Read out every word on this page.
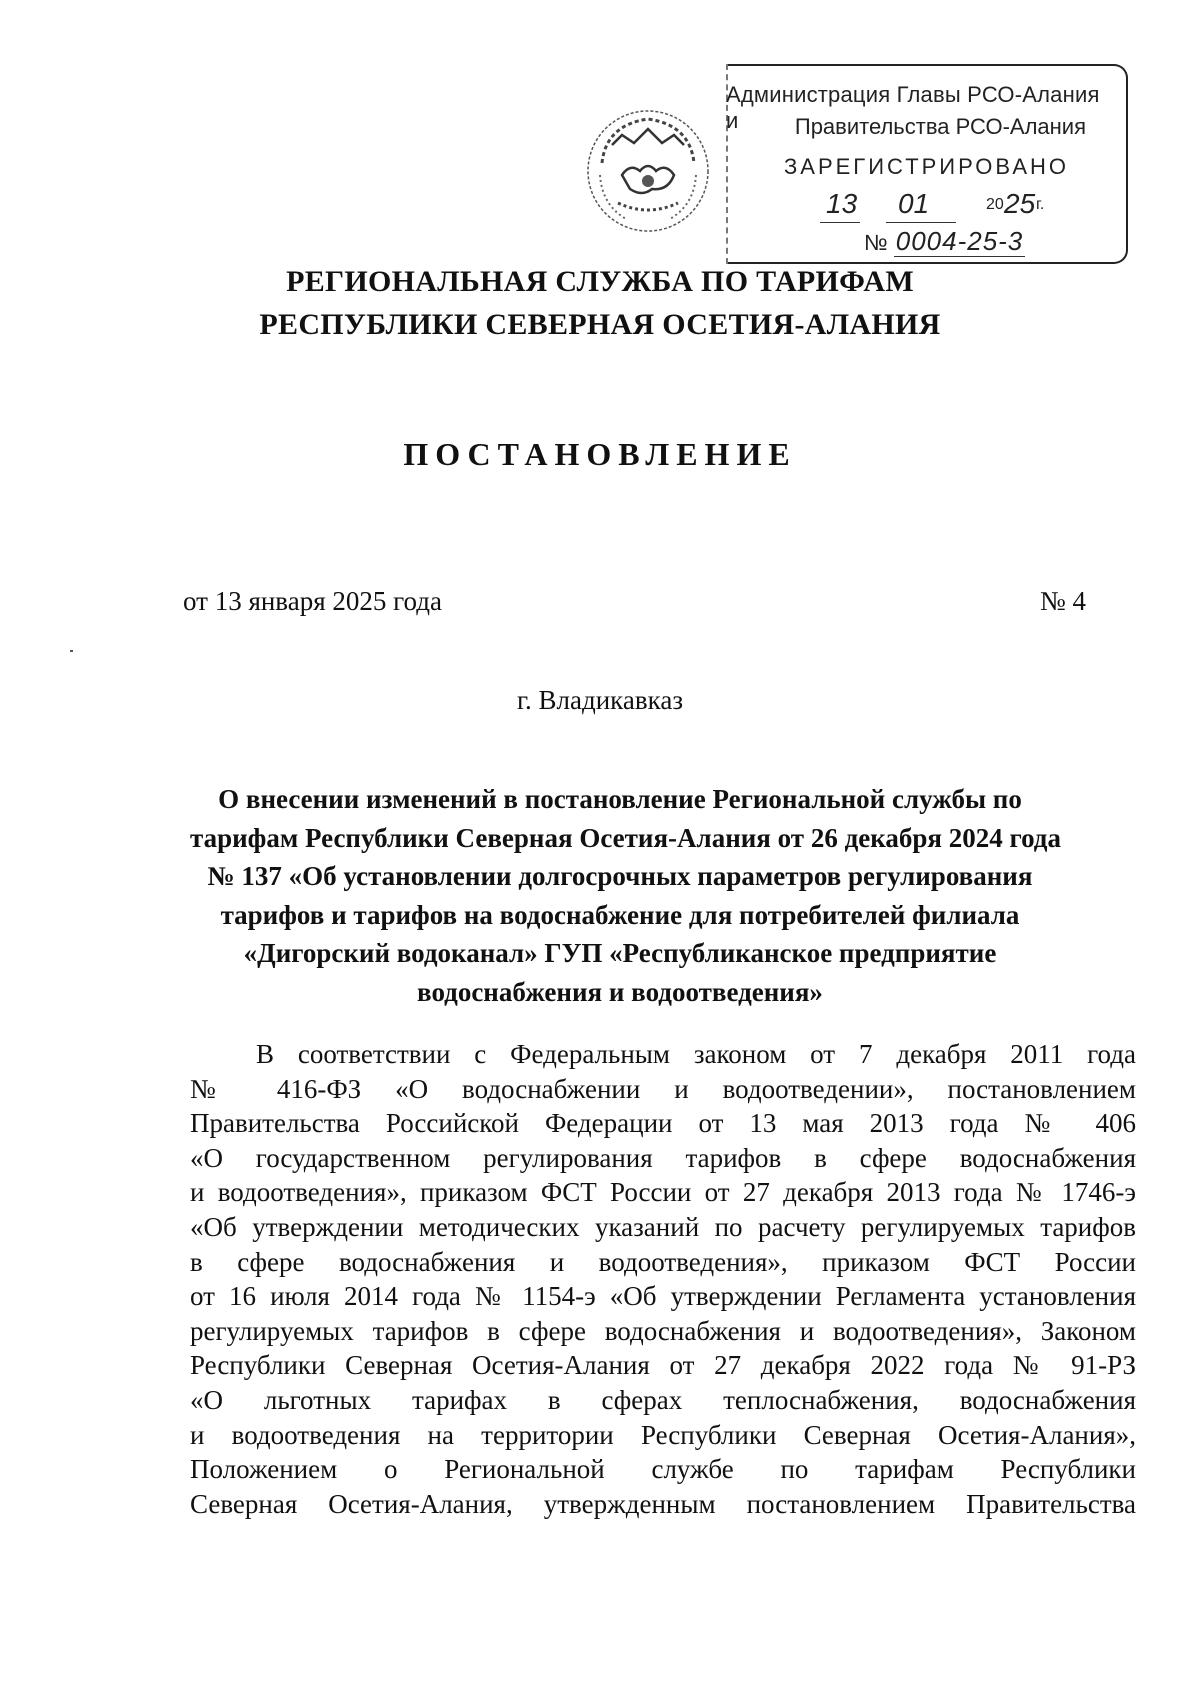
Администрация Главы РСО-Алания и	Правительства РСО-Алания
ЗАРЕГИСТРИРОВАНО
13 01	20 25 г.
№ 0004-25-3
РЕГИОНАЛЬНАЯ СЛУЖБА ПО ТАРИФАМ
РЕСПУБЛИКИ СЕВЕРНАЯ ОСЕТИЯ-АЛАНИЯ
ПОСТАНОВЛЕНИЕ
от 13 января 2025 года	№ 4
г. Владикавказ
О внесении изменений в постановление Региональной службы по
тарифам Республики Северная Осетия-Алания от 26 декабря 2024 года
№ 137 «Об установлении долгосрочных параметров регулирования
тарифов и тарифов на водоснабжение для потребителей филиала
«Дигорский водоканал» ГУП «Республиканское предприятие
водоснабжения и водоотведения»
В соответствии с Федеральным законом от 7 декабря 2011 года
№ 416-ФЗ «О водоснабжении и водоотведении», постановлением
Правительства Российской Федерации от 13 мая 2013 года № 406
«О государственном регулирования тарифов в сфере водоснабжения
и водоотведения», приказом ФСТ России от 27 декабря 2013 года № 1746-э
«Об утверждении методических указаний по расчету регулируемых тарифов
в сфере водоснабжения и водоотведения», приказом ФСТ России
от 16 июля 2014 года № 1154-э «Об утверждении Регламента установления
регулируемых тарифов в сфере водоснабжения и водоотведения», Законом
Республики Северная Осетия-Алания от 27 декабря 2022 года № 91-РЗ
«О льготных тарифах в сферах теплоснабжения, водоснабжения
и водоотведения на территории Республики Северная Осетия-Алания»,
Положением о Региональной службе по тарифам Республики
Северная Осетия-Алания, утвержденным постановлением Правительства
